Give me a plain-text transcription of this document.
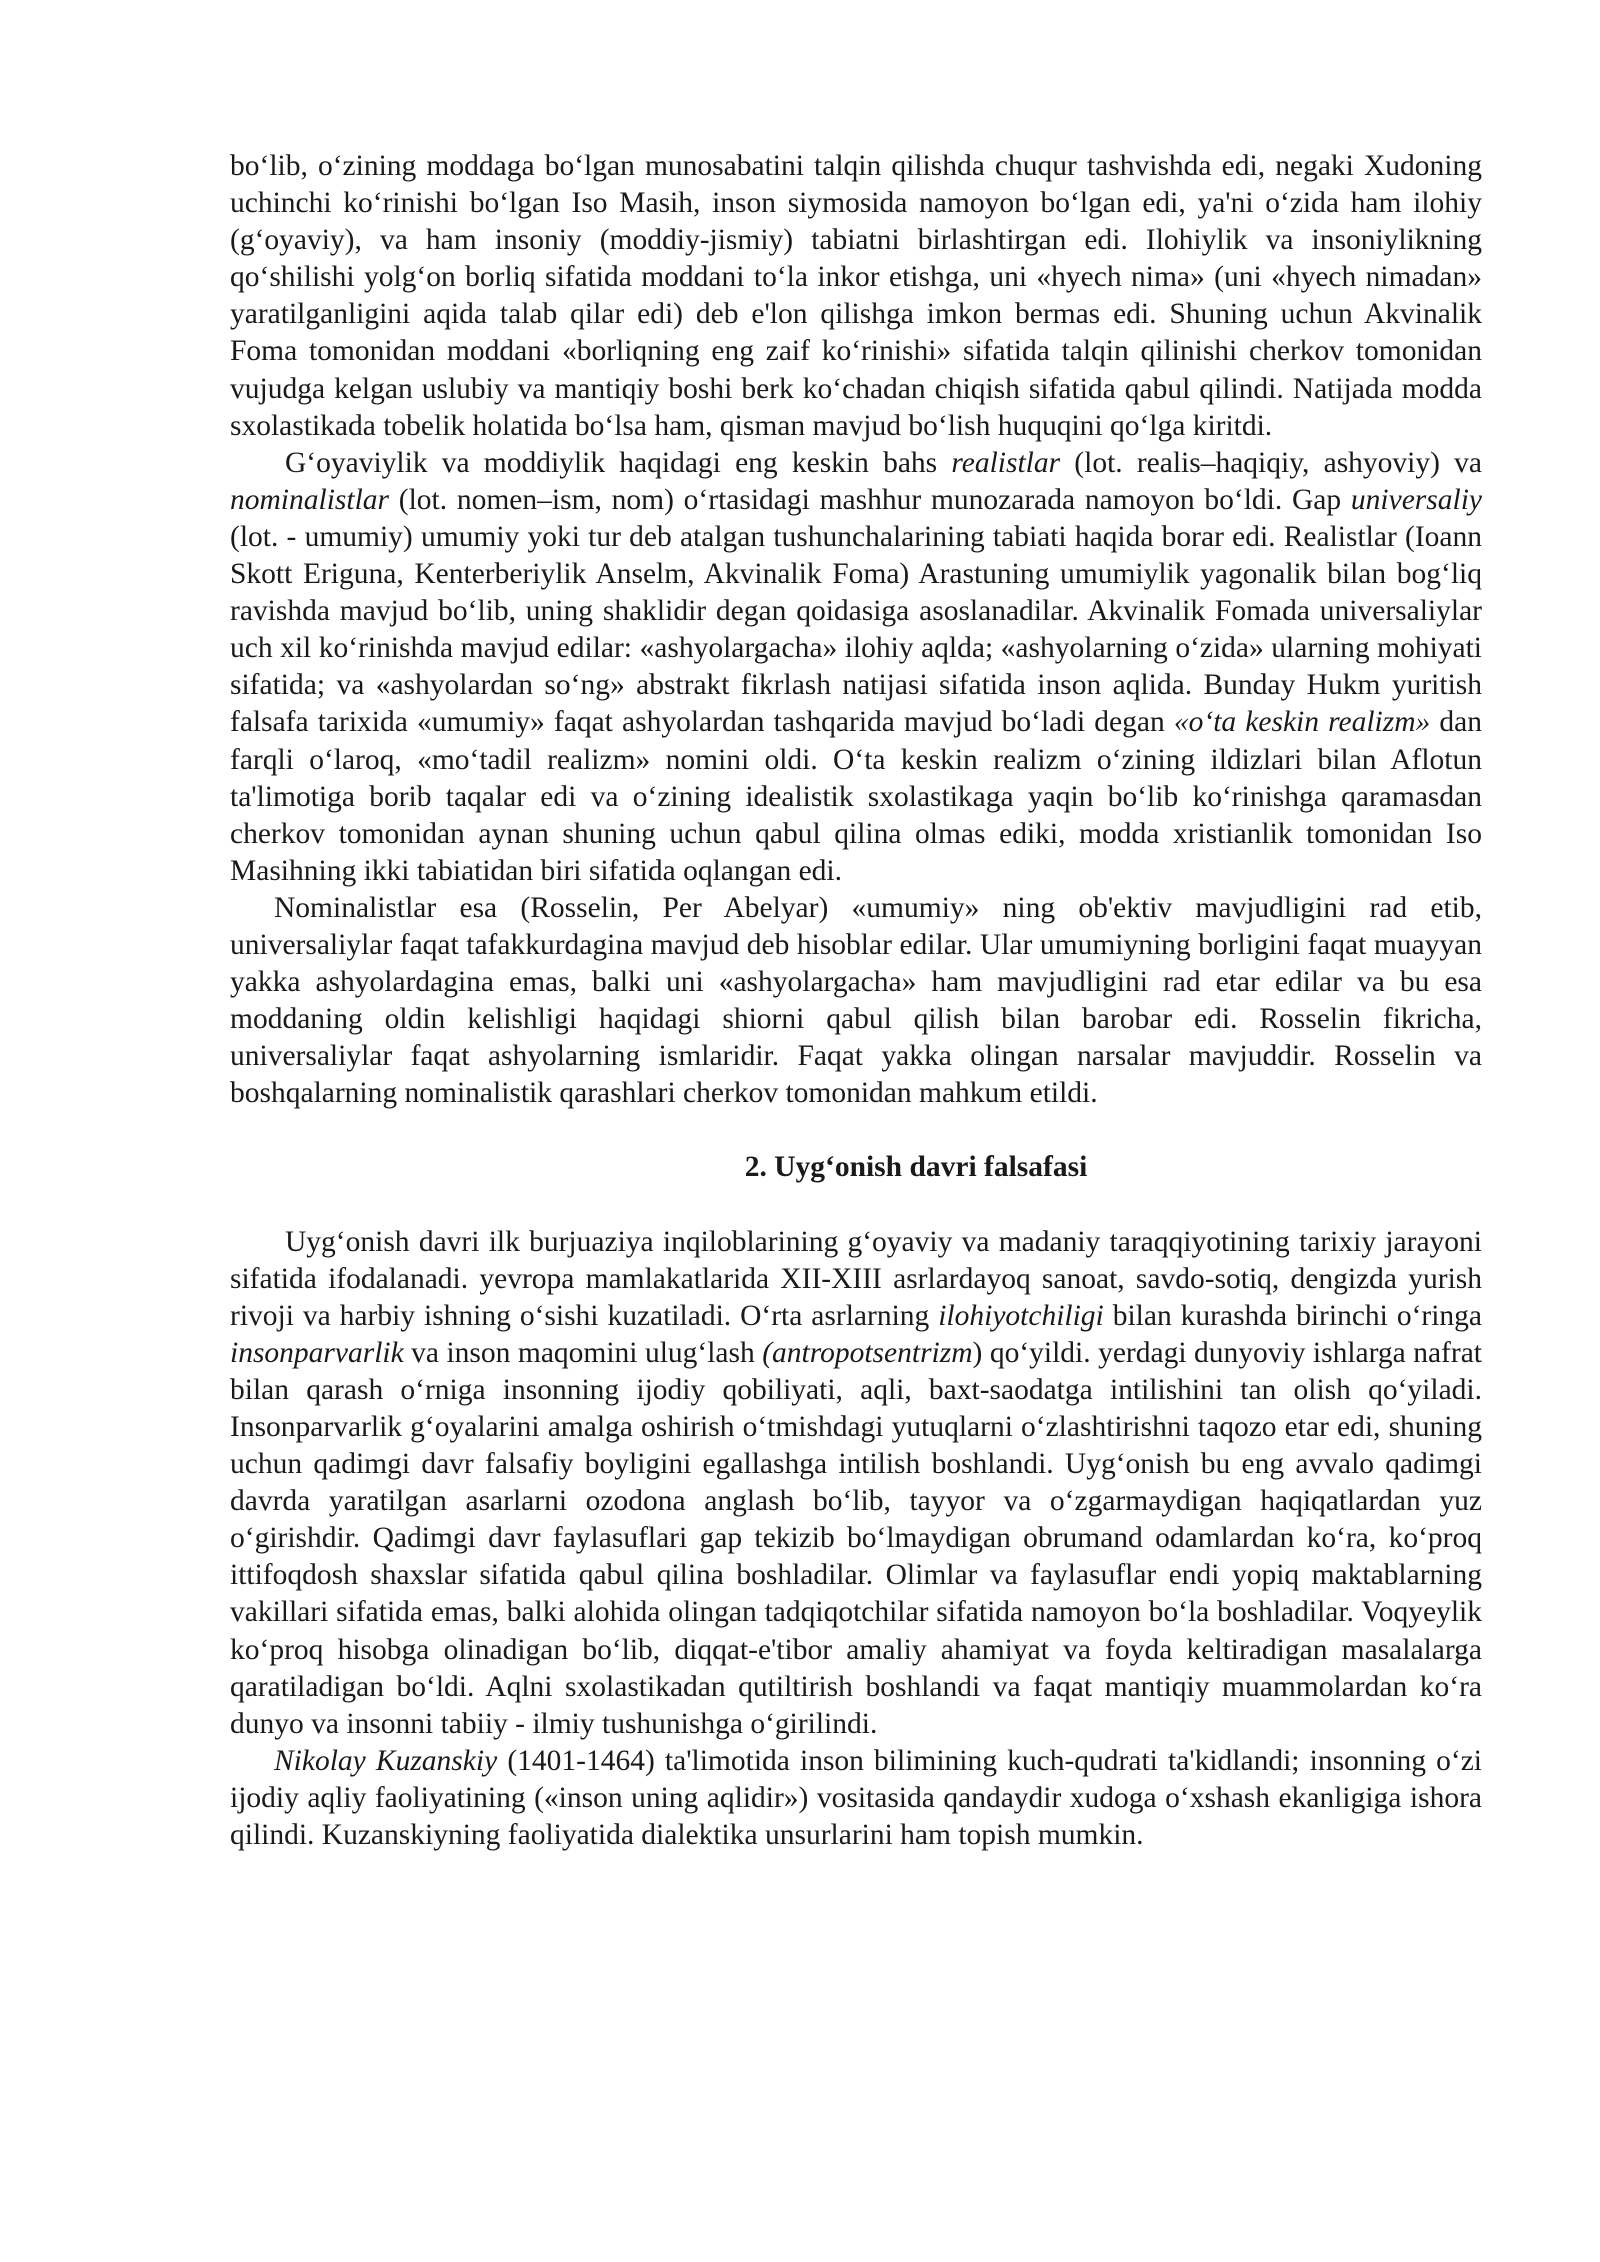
bo‘lib, o‘zining moddaga bo‘lgan munosabatini talqin qilishda chuqur tashvishda edi, negaki Xudoning uchinchi ko‘rinishi bo‘lgan Iso Masih, inson siymosida namoyon bo‘lgan edi, ya'ni o‘zida ham ilohiy (g‘oyaviy), va ham insoniy (moddiy-jismiy) tabiatni birlashtirgan edi. Ilohiylik va insoniylikning qo‘shilishi yolg‘on borliq sifatida moddani to‘la inkor etishga, uni «hyech nima» (uni «hyech nimadan» yaratilganligini aqida talab qilar edi) deb e'lon qilishga imkon bermas edi. Shuning uchun Akvinalik Foma tomonidan moddani «borliqning eng zaif ko‘rinishi» sifatida talqin qilinishi cherkov tomonidan vujudga kelgan uslubiy va mantiqiy boshi berk ko‘chadan chiqish sifatida qabul qilindi. Natijada modda sxolastikada tobelik holatida bo‘lsa ham, qisman mavjud bo‘lish huquqini qo‘lga kiritdi.

G‘oyaviylik va moddiylik haqidagi eng keskin bahs realistlar (lot. realis–haqiqiy, ashyoviy) va nominalistlar (lot. nomen–ism, nom) o‘rtasidagi mashhur munozarada namoyon bo‘ldi. Gap universaliy (lot. - umumiy) umumiy yoki tur deb atalgan tushunchalarining tabiati haqida borar edi. Realistlar (Ioann Skott Eriguna, Kenterberiylik Anselm, Akvinalik Foma) Arastuning umumiylik yagonalik bilan bog‘liq ravishda mavjud bo‘lib, uning shaklidir degan qoidasiga asoslanadilar. Akvinalik Fomada universaliylar uch xil ko‘rinishda mavjud edilar: «ashyolargacha» ilohiy aqlda; «ashyolarning o‘zida» ularning mohiyati sifatida; va «ashyolardan so‘ng» abstrakt fikrlash natijasi sifatida inson aqlida. Bunday Hukm yuritish falsafa tarixida «umumiy» faqat ashyolardan tashqarida mavjud bo‘ladi degan «o‘ta keskin realizm» dan farqli o‘laroq, «mo‘tadil realizm» nomini oldi. O‘ta keskin realizm o‘zining ildizlari bilan Aflotun ta'limotiga borib taqalar edi va o‘zining idealistik sxolastikaga yaqin bo‘lib ko‘rinishga qaramasdan cherkov tomonidan aynan shuning uchun qabul qilina olmas ediki, modda xristianlik tomonidan Iso Masihning ikki tabiatidan biri sifatida oqlangan edi.

Nominalistlar esa (Rosselin, Per Abelyar) «umumiy» ning ob'ektiv mavjudligini rad etib, universaliylar faqat tafakkurdagina mavjud deb hisoblar edilar. Ular umumiyning borligini faqat muayyan yakka ashyolardagina emas, balki uni «ashyolargacha» ham mavjudligini rad etar edilar va bu esa moddaning oldin kelishligi haqidagi shiorni qabul qilish bilan barobar edi. Rosselin fikricha, universaliylar faqat ashyolarning ismlaridir. Faqat yakka olingan narsalar mavjuddir. Rosselin va boshqalarning nominalistik qarashlari cherkov tomonidan mahkum etildi.

2. Uyg‘onish davri falsafasi

Uyg‘onish davri ilk burjuaziya inqiloblarining g‘oyaviy va madaniy taraqqiyotining tarixiy jarayoni sifatida ifodalanadi. yevropa mamlakatlarida XII-XIII asrlardayoq sanoat, savdo-sotiq, dengizda yurish rivoji va harbiy ishning o‘sishi kuzatiladi. O‘rta asrlarning ilohiyotchiligi bilan kurashda birinchi o‘ringa insonparvarlik va inson maqomini ulug‘lash (antropotsentrizm) qo‘yildi. yerdagi dunyoviy ishlarga nafrat bilan qarash o‘rniga insonning ijodiy qobiliyati, aqli, baxt-saodatga intilishini tan olish qo‘yiladi. Insonparvarlik g‘oyalarini amalga oshirish o‘tmishdagi yutuqlarni o‘zlashtirishni taqozo etar edi, shuning uchun qadimgi davr falsafiy boyligini egallashga intilish boshlandi. Uyg‘onish bu eng avvalo qadimgi davrda yaratilgan asarlarni ozodona anglash bo‘lib, tayyor va o‘zgarmaydigan haqiqatlardan yuz o‘girishdir. Qadimgi davr faylasuflari gap tekizib bo‘lmaydigan obrumand odamlardan ko‘ra, ko‘proq ittifoqdosh shaxslar sifatida qabul qilina boshladilar. Olimlar va faylasuflar endi yopiq maktablarning vakillari sifatida emas, balki alohida olingan tadqiqotchilar sifatida namoyon bo‘la boshladilar. Voqyeylik ko‘proq hisobga olinadigan bo‘lib, diqqat-e'tibor amaliy ahamiyat va foyda keltiradigan masalalarga qaratiladigan bo‘ldi. Aqlni sxolastikadan qutiltirish boshlandi va faqat mantiqiy muammolardan ko‘ra dunyo va insonni tabiiy - ilmiy tushunishga o‘girilindi.

Nikolay Kuzanskiy (1401-1464) ta'limotida inson bilimining kuch-qudrati ta'kidlandi; insonning o‘zi ijodiy aqliy faoliyatining («inson uning aqlidir») vositasida qandaydir xudoga o‘xshash ekanligiga ishora qilindi. Kuzanskiyning faoliyatida dialektika unsurlarini ham topish mumkin.
